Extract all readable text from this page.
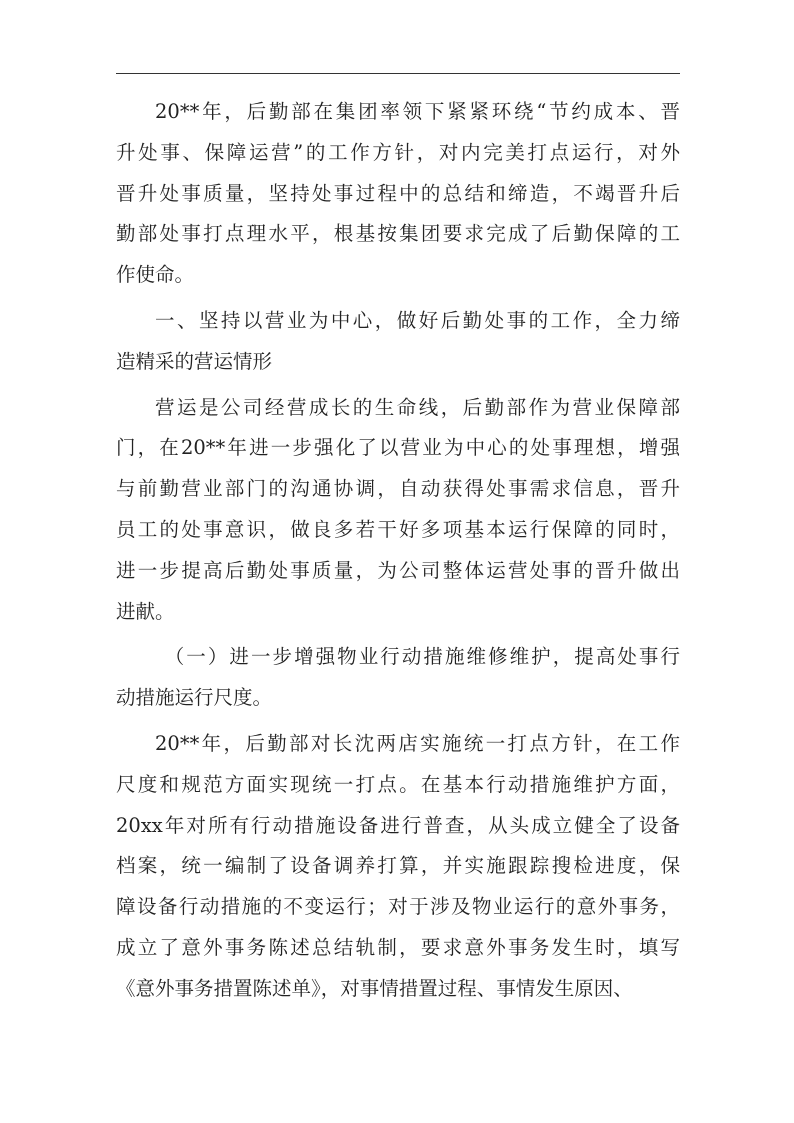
20**年，后勤部在集团率领下紧紧环绕“节约成本、晋
升处事、保障运营”的工作方针，对内完美打点运行，对外
晋升处事质量，坚持处事过程中的总结和缔造，不竭晋升后
勤部处事打点理水平，根基按集团要求完成了后勤保障的工
作使命。
一、坚持以营业为中心，做好后勤处事的工作，全力缔
造精采的营运情形
营运是公司经营成长的生命线，后勤部作为营业保障部
门，在20**年进一步强化了以营业为中心的处事理想，增强
与前勤营业部门的沟通协调，自动获得处事需求信息，晋升
员工的处事意识，做良多若干好多项基本运行保障的同时，
进一步提高后勤处事质量，为公司整体运营处事的晋升做出
进献。
（一）进一步增强物业行动措施维修维护，提高处事行
动措施运行尺度。
20**年，后勤部对长沈两店实施统一打点方针，在工作
尺度和规范方面实现统一打点。在基本行动措施维护方面，
20xx年对所有行动措施设备进行普查，从头成立健全了设备
档案，统一编制了设备调养打算，并实施跟踪搜检进度，保
障设备行动措施的不变运行；对于涉及物业运行的意外事务，
成立了意外事务陈述总结轨制，要求意外事务发生时，填写
《意外事务措置陈述单》，对事情措置过程、事情发生原因、
